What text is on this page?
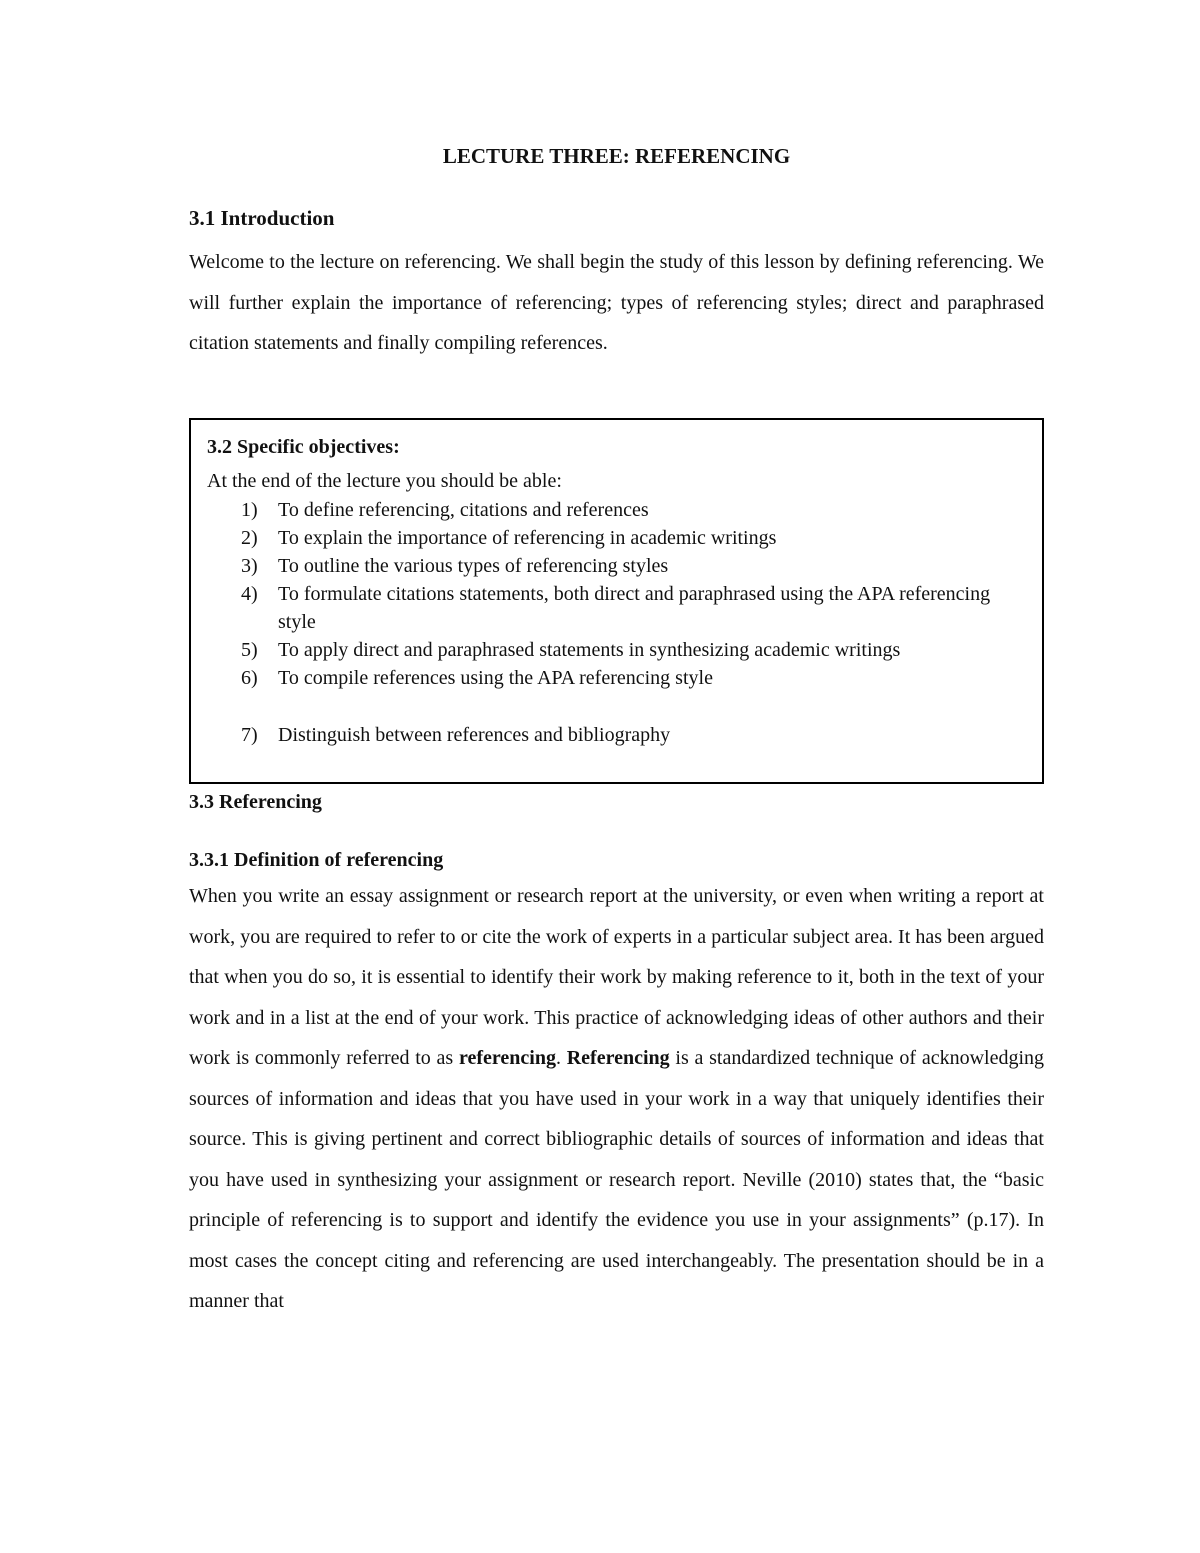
LECTURE THREE: REFERENCING
3.1 Introduction

Welcome to the lecture on referencing. We shall begin the study of this lesson by defining referencing. We will further explain the importance of referencing; types of referencing styles; direct and paraphrased citation statements and finally compiling references.

3.2 Specific objectives:

At the end of the lecture you should be able:

1)	To define referencing, citations and references
2)	To explain the importance of referencing in academic writings
3)	To outline the various types of referencing styles
4)	To formulate citations statements, both direct and paraphrased using the APA referencing style
5)	To apply direct and paraphrased statements in synthesizing academic writings
6)	To compile references using the APA referencing style
7)	Distinguish between references and bibliography
3.3 Referencing
3.3.1 Definition of referencing

When you write an essay assignment or research report at the university, or even when writing a report at work, you are required to refer to or cite the work of experts in a particular subject area. It has been argued that when you do so, it is essential to identify their work by making reference to it, both in the text of your work and in a list at the end of your work. This practice of acknowledging ideas of other authors and their work is commonly referred to as referencing. Referencing is a standardized technique of acknowledging sources of information and ideas that you have used in your work in a way that uniquely identifies their source. This is giving pertinent and correct bibliographic details of sources of information and ideas that you have used in synthesizing your assignment or research report. Neville (2010) states that, the “basic principle of referencing is to support and identify the evidence you use in your assignments” (p.17). In most cases the concept citing and referencing are used interchangeably. The presentation should be in a manner that
